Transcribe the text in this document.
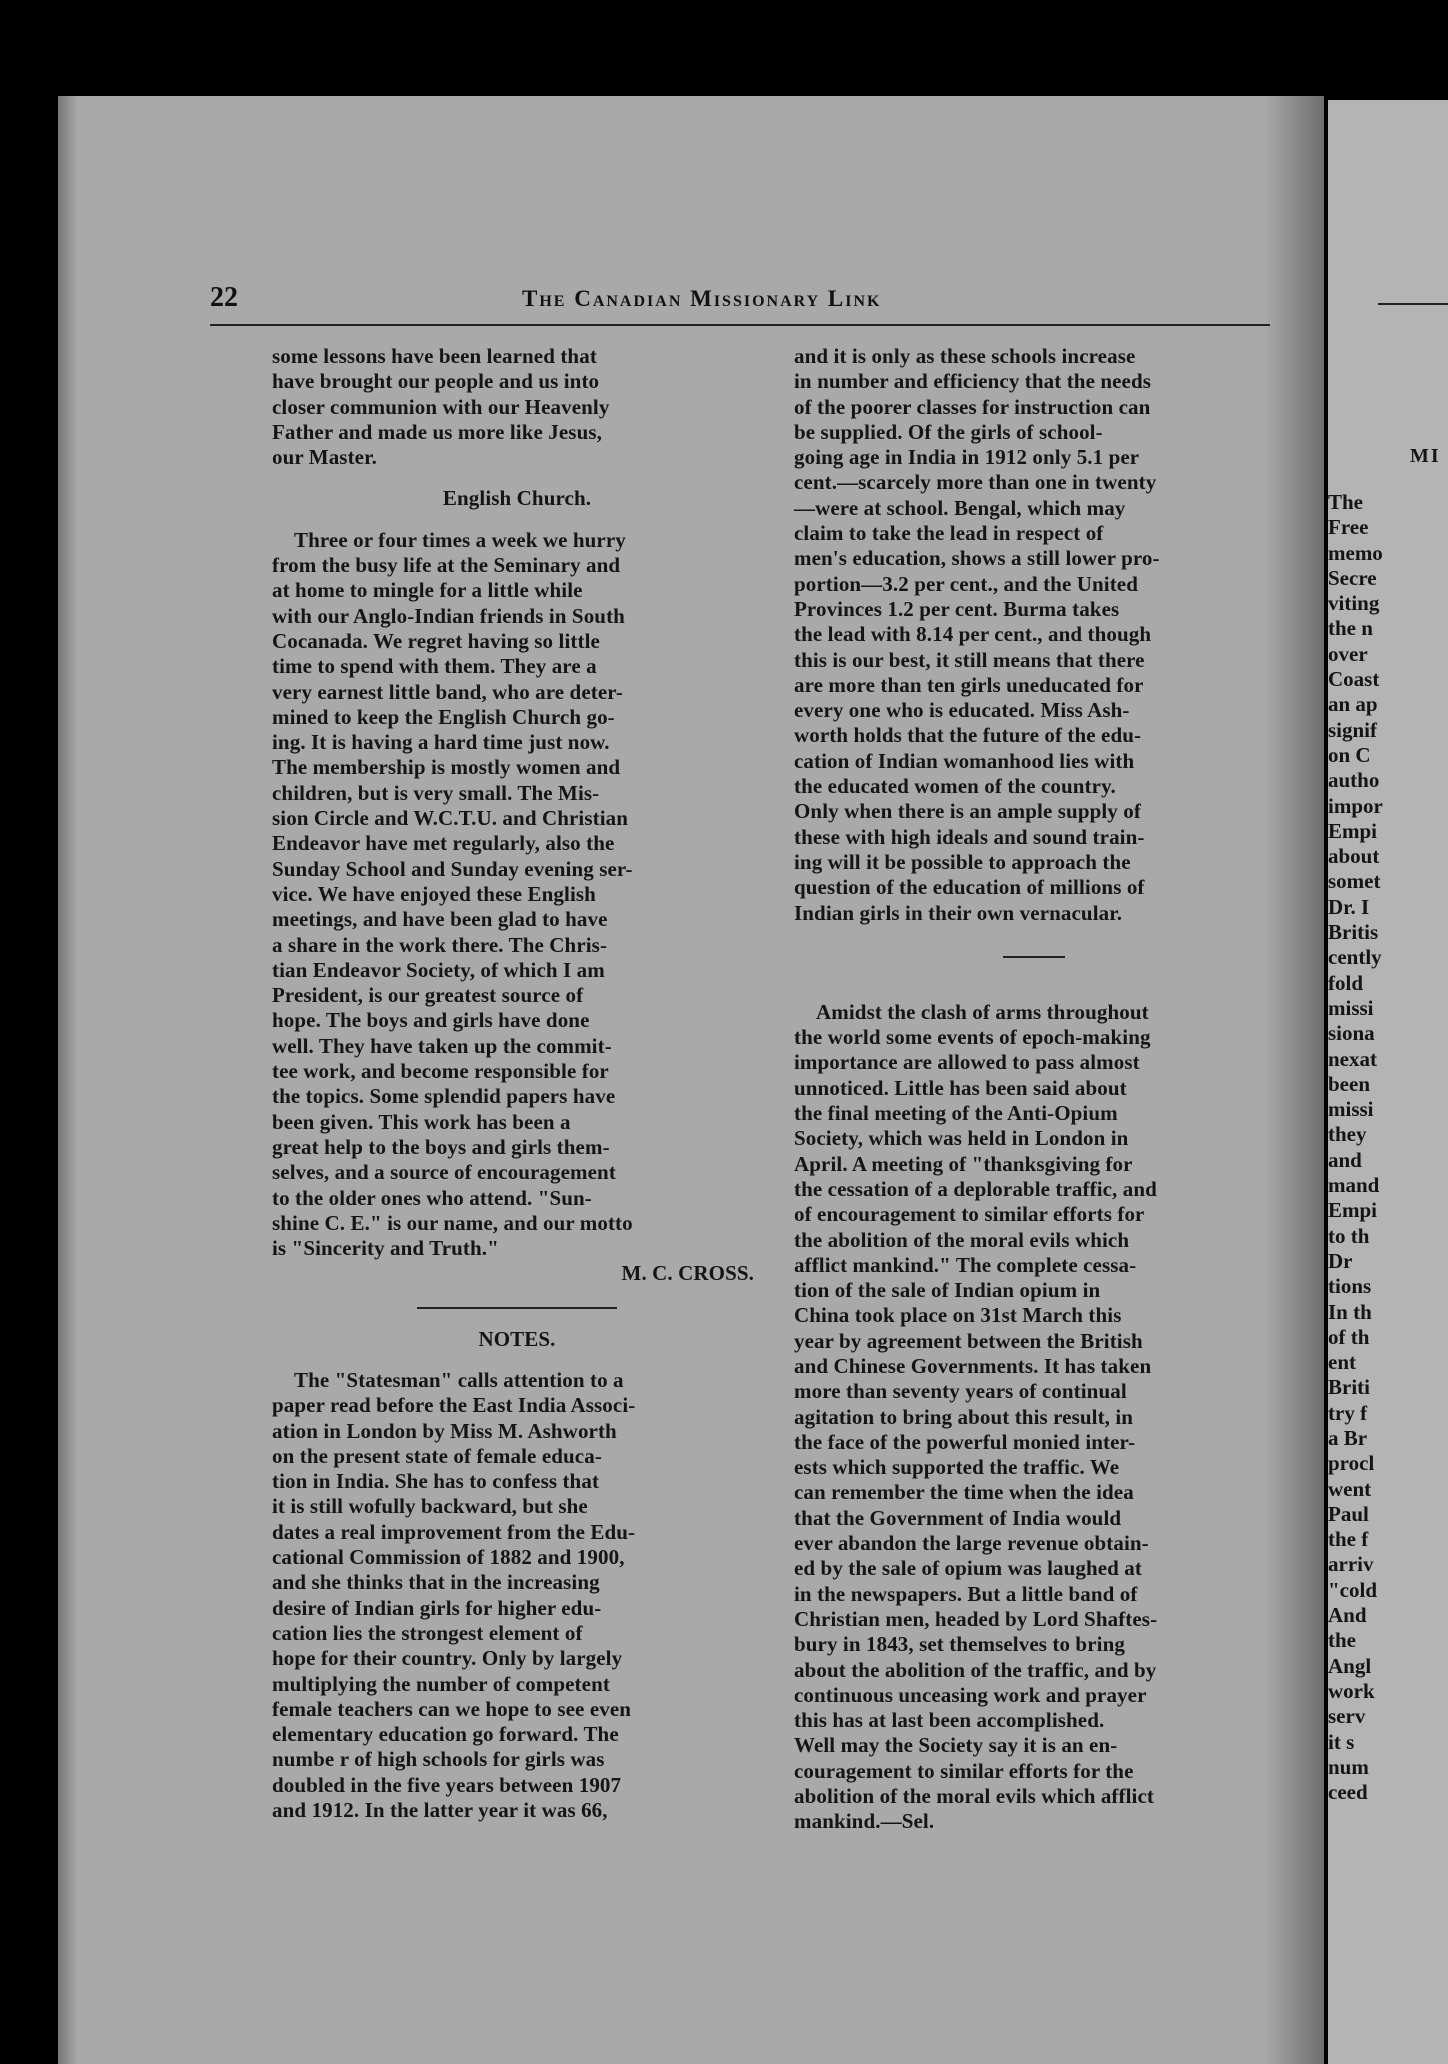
The
Free
memo
Secre
viting
the n
over
Coast
an ap
signif
on C
autho
impor
Empi
about
somet
Dr. I
Britis
cently
fold
missi
siona
nexat
been
missi
they
and
mand
Empi
to th
Dr
tions
In th
of th
ent
Briti
try f
a Br
procl
went
Paul
the f
arriv
"cold
And
the
Angl
work
serv
it s
num
ceed
MI
22	The Canadian Missionary Link
some lessons have been learned that
have brought our people and us into
closer communion with our Heavenly
Father and made us more like Jesus,
our Master.
English Church.
Three or four times a week we hurry
from the busy life at the Seminary and
at home to mingle for a little while
with our Anglo-Indian friends in South
Cocanada. We regret having so little
time to spend with them. They are a
very earnest little band, who are deter-
mined to keep the English Church go-
ing. It is having a hard time just now.
The membership is mostly women and
children, but is very small. The Mis-
sion Circle and W.C.T.U. and Christian
Endeavor have met regularly, also the
Sunday School and Sunday evening ser-
vice. We have enjoyed these English
meetings, and have been glad to have
a share in the work there. The Chris-
tian Endeavor Society, of which I am
President, is our greatest source of
hope. The boys and girls have done
well. They have taken up the commit-
tee work, and become responsible for
the topics. Some splendid papers have
been given. This work has been a
great help to the boys and girls them-
selves, and a source of encouragement
to the older ones who attend. "Sun-
shine C. E." is our name, and our motto
is "Sincerity and Truth."
M. C. CROSS.
NOTES.
The "Statesman" calls attention to a
paper read before the East India Associ-
ation in London by Miss M. Ashworth
on the present state of female educa-
tion in India. She has to confess that
it is still wofully backward, but she
dates a real improvement from the Edu-
cational Commission of 1882 and 1900,
and she thinks that in the increasing
desire of Indian girls for higher edu-
cation lies the strongest element of
hope for their country. Only by largely
multiplying the number of competent
female teachers can we hope to see even
elementary education go forward. The
numbe r of high schools for girls was
doubled in the five years between 1907
and 1912. In the latter year it was 66,
and it is only as these schools increase
in number and efficiency that the needs
of the poorer classes for instruction can
be supplied. Of the girls of school-
going age in India in 1912 only 5.1 per
cent.—scarcely more than one in twenty
—were at school. Bengal, which may
claim to take the lead in respect of
men's education, shows a still lower pro-
portion—3.2 per cent., and the United
Provinces 1.2 per cent. Burma takes
the lead with 8.14 per cent., and though
this is our best, it still means that there
are more than ten girls uneducated for
every one who is educated. Miss Ash-
worth holds that the future of the edu-
cation of Indian womanhood lies with
the educated women of the country.
Only when there is an ample supply of
these with high ideals and sound train-
ing will it be possible to approach the
question of the education of millions of
Indian girls in their own vernacular.
Amidst the clash of arms throughout
the world some events of epoch-making
importance are allowed to pass almost
unnoticed. Little has been said about
the final meeting of the Anti-Opium
Society, which was held in London in
April. A meeting of "thanksgiving for
the cessation of a deplorable traffic, and
of encouragement to similar efforts for
the abolition of the moral evils which
afflict mankind." The complete cessa-
tion of the sale of Indian opium in
China took place on 31st March this
year by agreement between the British
and Chinese Governments. It has taken
more than seventy years of continual
agitation to bring about this result, in
the face of the powerful monied inter-
ests which supported the traffic. We
can remember the time when the idea
that the Government of India would
ever abandon the large revenue obtain-
ed by the sale of opium was laughed at
in the newspapers. But a little band of
Christian men, headed by Lord Shaftes-
bury in 1843, set themselves to bring
about the abolition of the traffic, and by
continuous unceasing work and prayer
this has at last been accomplished.
Well may the Society say it is an en-
couragement to similar efforts for the
abolition of the moral evils which afflict
mankind.—Sel.
